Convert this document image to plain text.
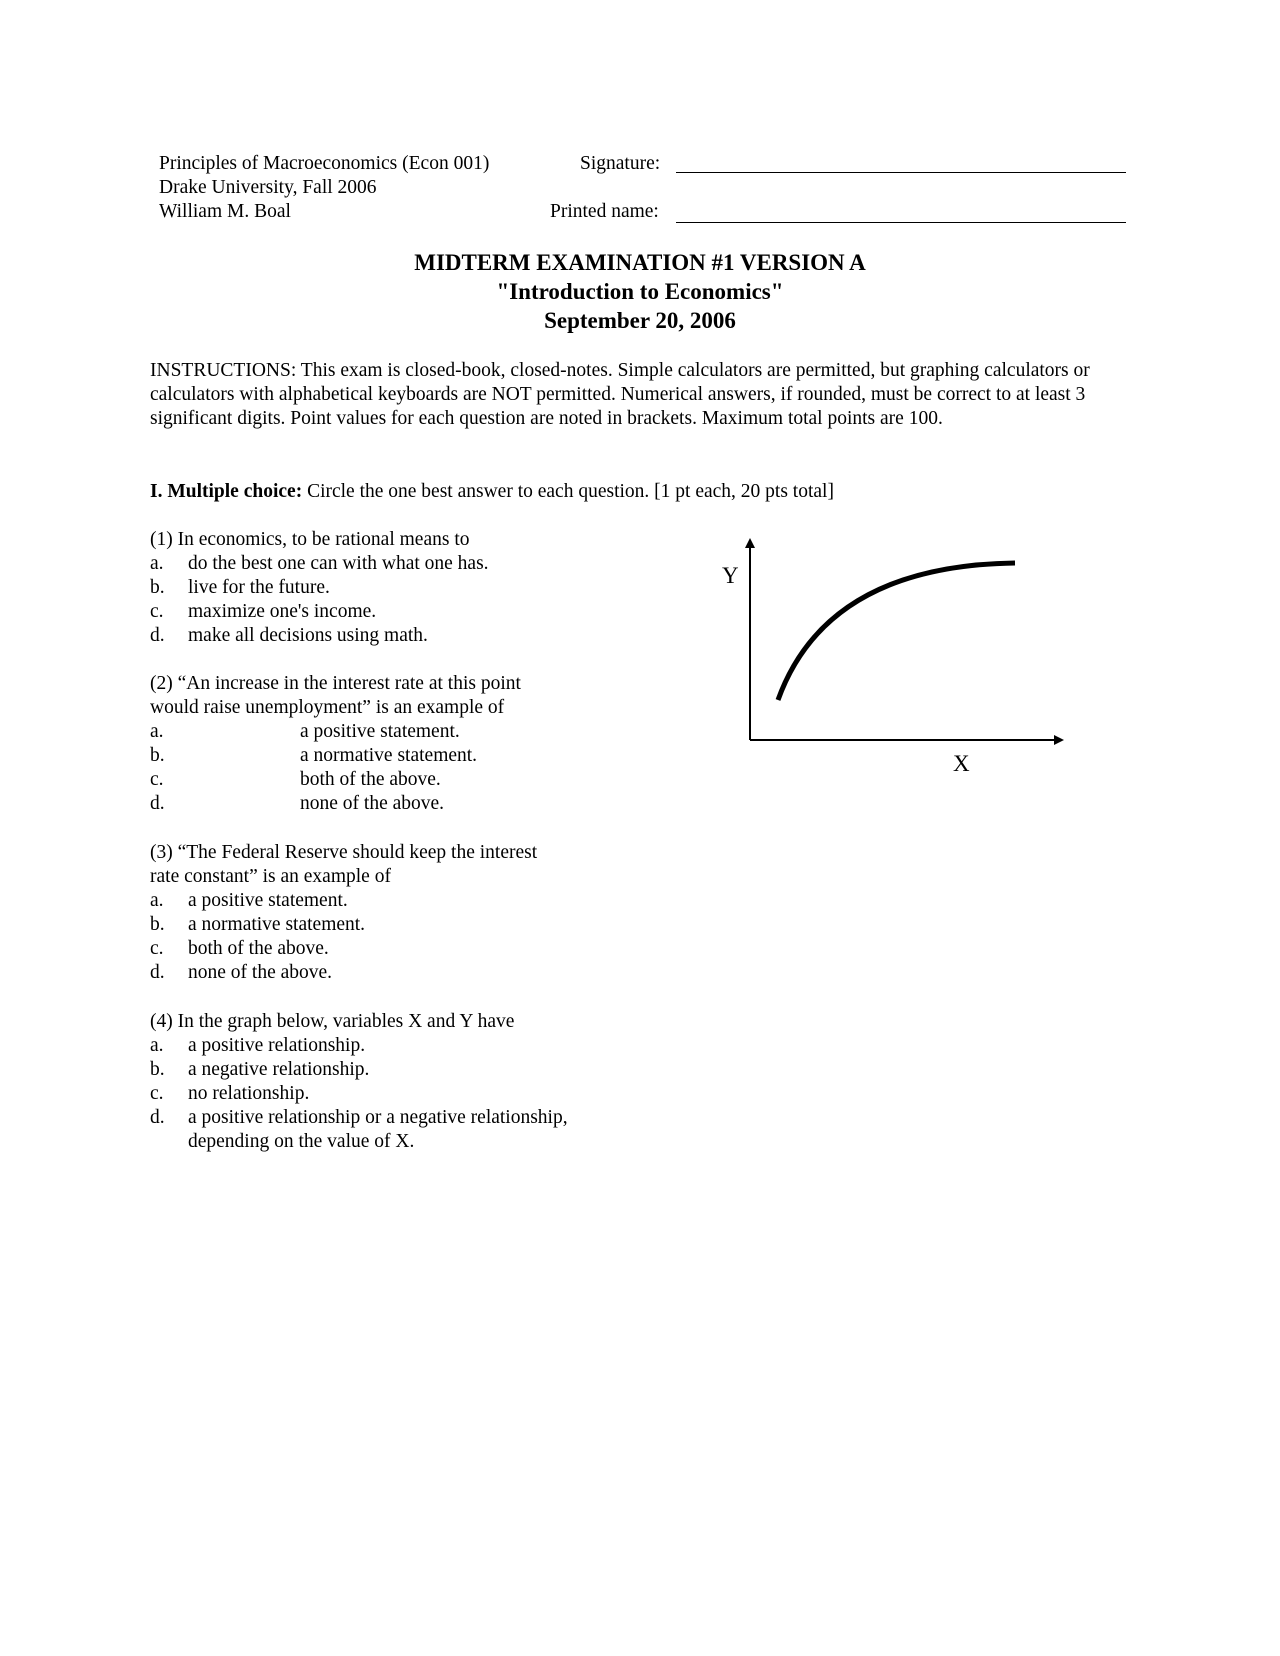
Principles of Macroeconomics (Econ 001)
Drake University, Fall 2006
William M. Boal
Signature:
Printed name:
MIDTERM EXAMINATION #1 VERSION A
"Introduction to Economics"
September 20, 2006
INSTRUCTIONS: This exam is closed-book, closed-notes. Simple calculators are permitted, but graphing calculators or calculators with alphabetical keyboards are NOT permitted. Numerical answers, if rounded, must be correct to at least 3 significant digits. Point values for each question are noted in brackets. Maximum total points are 100.
I. Multiple choice: Circle the one best answer to each question. [1 pt each, 20 pts total]
(1) In economics, to be rational means to
a. do the best one can with what one has.
b. live for the future.
c. maximize one's income.
d. make all decisions using math.
(2) “An increase in the interest rate at this point
would raise unemployment” is an example of
a.	a positive statement.
b.	a normative statement.
c.	both of the above.
d.	none of the above.
(3) “The Federal Reserve should keep the interest
rate constant” is an example of
a. a positive statement.
b. a normative statement.
c. both of the above.
d. none of the above.
(4) In the graph below, variables X and Y have
a. a positive relationship.
b. a negative relationship.
c. no relationship.
d. a positive relationship or a negative relationship, depending on the value of X.
Y
X
